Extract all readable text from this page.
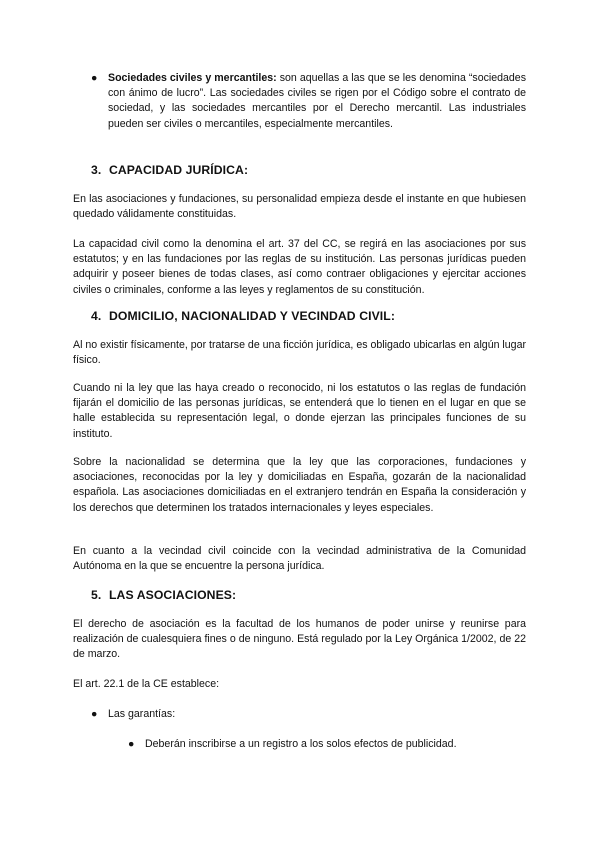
● Sociedades civiles y mercantiles: son aquellas a las que se les denomina “sociedades con ánimo de lucro”. Las sociedades civiles se rigen por el Código sobre el contrato de sociedad, y las sociedades mercantiles por el Derecho mercantil. Las industriales pueden ser civiles o mercantiles, especialmente mercantiles.

3. CAPACIDAD JURÍDICA:

En las asociaciones y fundaciones, su personalidad empieza desde el instante en que hubiesen quedado válidamente constituidas.

La capacidad civil como la denomina el art. 37 del CC, se regirá en las asociaciones por sus estatutos; y en las fundaciones por las reglas de su institución. Las personas jurídicas pueden adquirir y poseer bienes de todas clases, así como contraer obligaciones y ejercitar acciones civiles o criminales, conforme a las leyes y reglamentos de su constitución.

4. DOMICILIO, NACIONALIDAD Y VECINDAD CIVIL:

Al no existir físicamente, por tratarse de una ficción jurídica, es obligado ubicarlas en algún lugar físico.

Cuando ni la ley que las haya creado o reconocido, ni los estatutos o las reglas de fundación fijarán el domicilio de las personas jurídicas, se entenderá que lo tienen en el lugar en que se halle establecida su representación legal, o donde ejerzan las principales funciones de su instituto.

Sobre la nacionalidad se determina que la ley que las corporaciones, fundaciones y asociaciones, reconocidas por la ley y domiciliadas en España, gozarán de la nacionalidad española. Las asociaciones domiciliadas en el extranjero tendrán en España la consideración y los derechos que determinen los tratados internacionales y leyes especiales.

En cuanto a la vecindad civil coincide con la vecindad administrativa de la Comunidad Autónoma en la que se encuentre la persona jurídica.

5. LAS ASOCIACIONES:

El derecho de asociación es la facultad de los humanos de poder unirse y reunirse para realización de cualesquiera fines o de ninguno. Está regulado por la Ley Orgánica 1/2002, de 22 de marzo.

El art. 22.1 de la CE establece:

● Las garantías:

● Deberán inscribirse a un registro a los solos efectos de publicidad.
